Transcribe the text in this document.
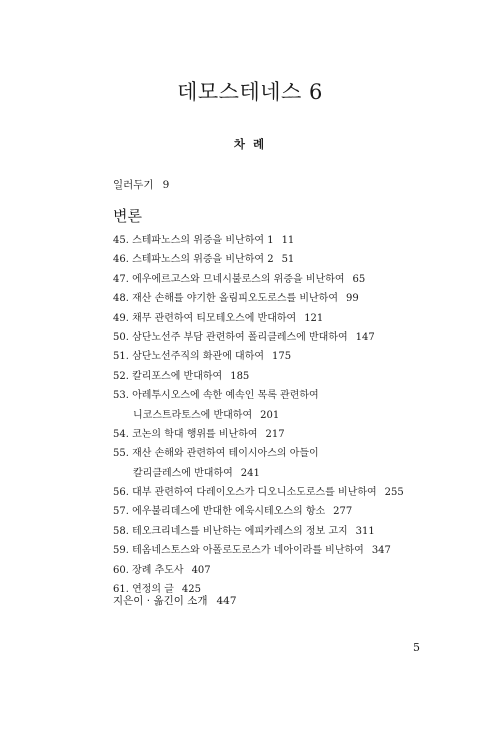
데모스테네스 6
차 례
일러두기 9
변론
45. 스테파노스의 위증을 비난하여 1 11
46. 스테파노스의 위증을 비난하여 2 51
47. 에우에르고스와 므네시불로스의 위증을 비난하여 65
48. 재산 손해를 야기한 올림피오도로스를 비난하여 99
49. 채무 관련하여 티모테오스에 반대하여 121
50. 삼단노선주 부담 관련하여 폴리클레스에 반대하여 147
51. 삼단노선주직의 화관에 대하여 175
52. 칼리포스에 반대하여 185
53. 아레투시오스에 속한 예속인 목록 관련하여
니코스트라토스에 반대하여 201
54. 코논의 학대 행위를 비난하여 217
55. 재산 손해와 관련하여 테이시아스의 아들이
칼리클레스에 반대하여 241
56. 대부 관련하여 다레이오스가 디오니소도로스를 비난하여 255
57. 에우불리데스에 반대한 에욱시테오스의 항소 277
58. 테오크리네스를 비난하는 에피카레스의 정보 고지 311
59. 테옴네스토스와 아폴로도로스가 네아이라를 비난하여 347
60. 장례 추도사 407
61. 연정의 글 425
지은이 · 옮긴이 소개 447
5
